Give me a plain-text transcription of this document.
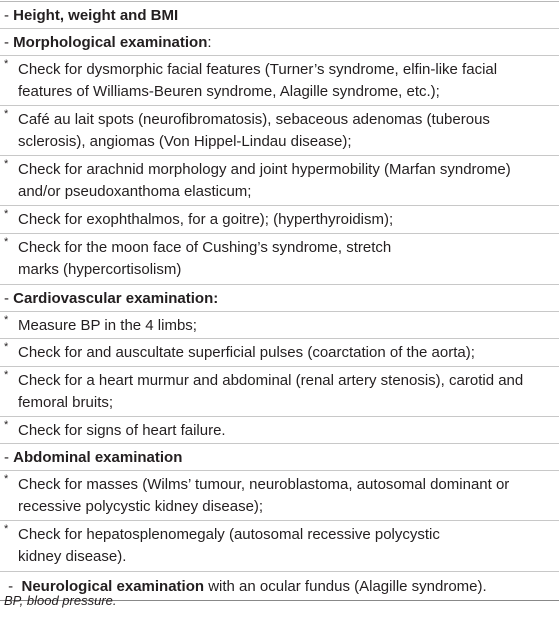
- Height, weight and BMI
- Morphological examination:
* Check for dysmorphic facial features (Turner’s syndrome, elfin-like facial
features of Williams-Beuren syndrome, Alagille syndrome, etc.);
* Café au lait spots (neurofibromatosis), sebaceous adenomas (tuberous
sclerosis), angiomas (Von Hippel-Lindau disease);
* Check for arachnid morphology and joint hypermobility (Marfan syndrome)
and/or pseudoxanthoma elasticum;
* Check for exophthalmos, for a goitre); (hyperthyroidism);
* Check for the moon face of Cushing’s syndrome, stretch
marks (hypercortisolism)
- Cardiovascular examination:
* Measure BP in the 4 limbs;
* Check for and auscultate superficial pulses (coarctation of the aorta);
* Check for a heart murmur and abdominal (renal artery stenosis), carotid and
femoral bruits;
* Check for signs of heart failure.
- Abdominal examination
* Check for masses (Wilms’ tumour, neuroblastoma, autosomal dominant or
recessive polycystic kidney disease);
* Check for hepatosplenomegaly (autosomal recessive polycystic
kidney disease).
-  Neurological examination with an ocular fundus (Alagille syndrome).
BP, blood pressure.
